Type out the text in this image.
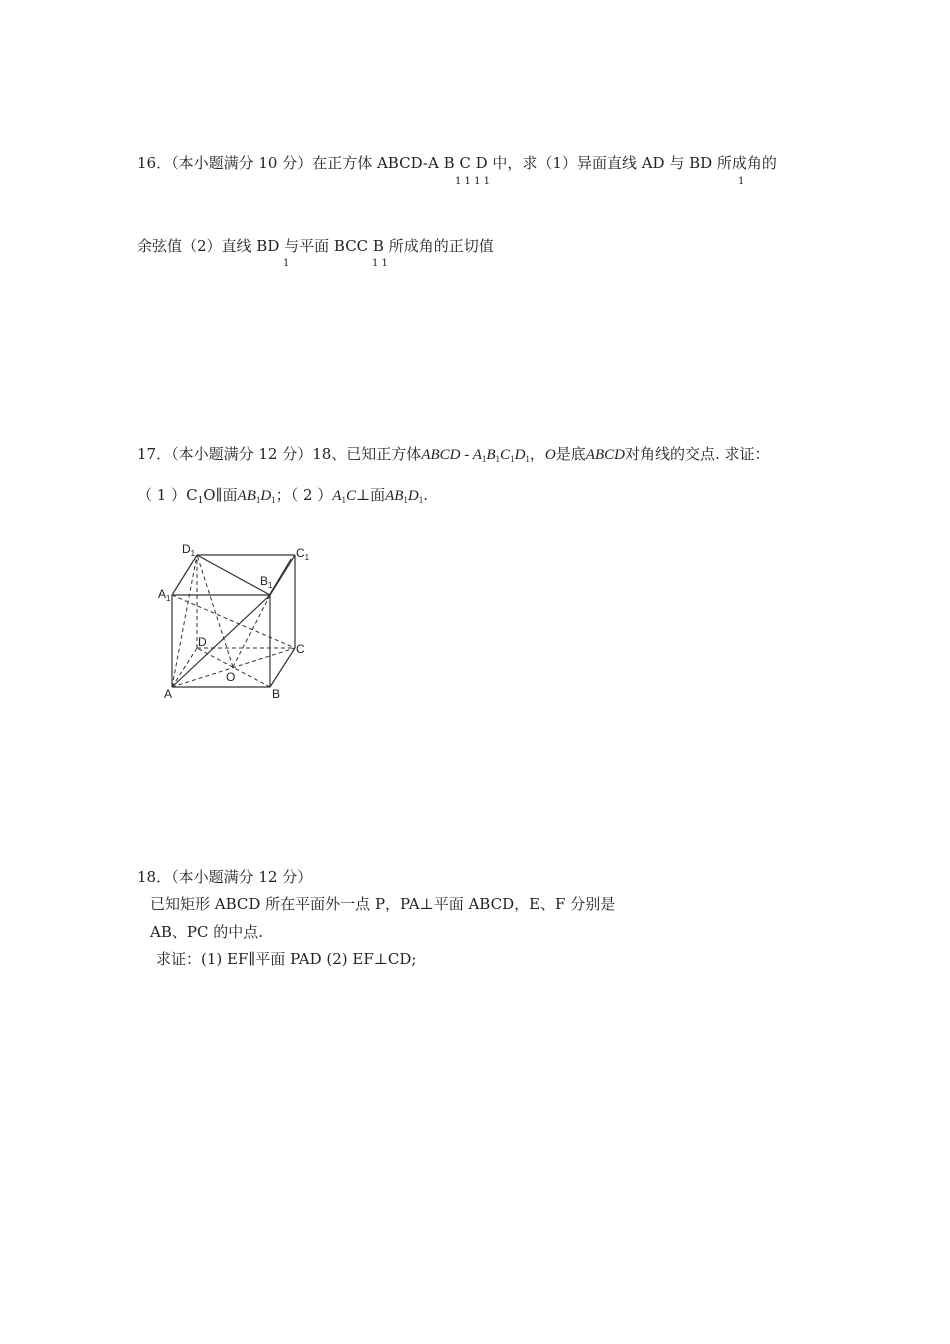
16．（本小题满分 10 分）在正方体 ABCD-A B C D 中，求（1）异面直线 AD 与 BD 所成角的
1 1 1 1	1
余弦值（2）直线 BD 与平面 BCC B 所成角的正切值
1	1 1
17．（本小题满分 12 分）18、已知正方体ABCD - $A_1B_1C_1D_1$，O是底ABCD对角线的交点. 求证：
（ 1 ）$C_1O\parallel$面$AB_1D_1$；（ 2 ）$A_1C\perp$面$AB_1D_1$.
$D_1$	$C_1$
$A_1$
$B_1$
D	C
A	B
O
18．（本小题满分 12 分）
已知矩形 ABCD 所在平面外一点 P，PA⊥平面 ABCD，E、F 分别是
AB、PC 的中点.
求证：(1) EF∥平面 PAD (2) EF⊥CD;
